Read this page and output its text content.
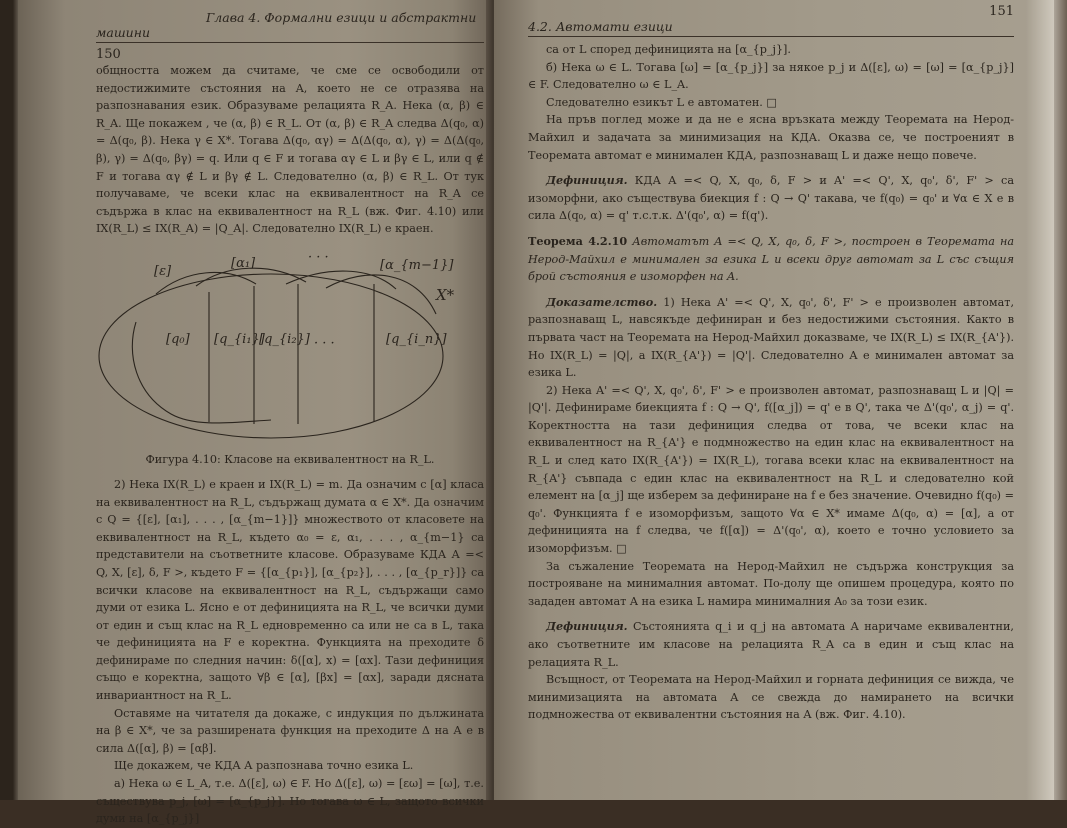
Глава 4. Формални езици и абстрактни машини
150

общността можем да считаме, че сме се освободили от недостижимите състояния на A, което не се отразява на разпознавания език. Образуваме релацията R_A. Нека (α, β) ∈ R_A. Ще покажем , че (α, β) ∈ R_L. От (α, β) ∈ R_A следва Δ(q₀, α) = Δ(q₀, β). Нека γ ∈ X*. Тогава Δ(q₀, αγ) = Δ(Δ(q₀, α), γ) = Δ(Δ(q₀, β), γ) = Δ(q₀, βγ) = q. Или q ∈ F и тогава αγ ∈ L и βγ ∈ L, или q ∉ F и тогава αγ ∉ L и βγ ∉ L. Следователно (α, β) ∈ R_L. От тук получаваме, че всеки клас на еквивалентност на R_A се съдържа в клас на еквивалентност на R_L (вж. Фиг. 4.10) или IX(R_L) ≤ IX(R_A) = |Q_A|. Следователно IX(R_L) е краен.

[ε]
[α₁]	· · ·
[α_{m−1}]
X*
[q₀] [q_{i₁}]
[q_{i₂}] · · ·	[q_{i_n}]
Фигура 4.10: Класове на еквивалентност на R_L.

2) Нека IX(R_L) е краен и IX(R_L) = m. Да означим с [α] класа на еквивалентност на R_L, съдържащ думата α ∈ X*. Да означим с Q = {[ε], [α₁], . . . , [α_{m−1}]} множеството от класовете на еквивалентност на R_L, където α₀ = ε, α₁, . . . , α_{m−1} са представители на съответните класове. Образуваме КДА A =< Q, X, [ε], δ, F >, където F = {[α_{p₁}], [α_{p₂}], . . . , [α_{p_r}]} са всички класове на еквивалентност на R_L, съдържащи само думи от езика L. Ясно е от дефиницията на R_L, че всички думи от един и същ клас на R_L едновременно са или не са в L, така че дефиницията на F е коректна. Функцията на преходите δ дефинираме по следния начин: δ([α], x) = [αx]. Тази дефиниция също е коректна, защото ∀β ∈ [α], [βx] = [αx], заради дясната инвариантност на R_L.

Оставяме на читателя да докаже, с индукция по дължината на β ∈ X*, че за разширената функция на преходите Δ на A е в сила Δ([α], β) = [αβ].

Ще докажем, че КДА A разпознава точно езика L.

а) Нека ω ∈ L_A, т.е. Δ([ε], ω) ∈ F. Но Δ([ε], ω) = [εω] = [ω], т.е. съществува p_j, [ω] = [α_{p_j}]. Но тогава ω ∈ L, защото всички думи на [α_{p_j}]

151
4.2. Автомати езици

са от L според дефиницията на [α_{p_j}].

б) Нека ω ∈ L. Тогава [ω] = [α_{p_j}] за някое p_j и Δ([ε], ω) = [ω] = [α_{p_j}] ∈ F. Следователно ω ∈ L_A.

Следователно езикът L е автоматен. □

На пръв поглед може и да не е ясна връзката между Теоремата на Нерод-Майхил и задачата за минимизация на КДА. Оказва се, че построеният в Теоремата автомат е минимален КДА, разпознаващ L и даже нещо повече.

Дефиниция. КДА A =< Q, X, q₀, δ, F > и A' =< Q', X, q₀', δ', F' > са изоморфни, ако съществува биекция f : Q → Q' такава, че f(q₀) = q₀' и ∀α ∈ X е в сила Δ(q₀, α) = q' т.с.т.к. Δ'(q₀', α) = f(q').

Теорема 4.2.10 Автоматът A =< Q, X, q₀, δ, F >, построен в Теоремата на Нерод-Майхил е минимален за езика L и всеки друг автомат за L със същия брой състояния е изоморфен на A.

Доказателство. 1) Нека A' =< Q', X, q₀', δ', F' > е произволен автомат, разпознаващ L, навсякъде дефиниран и без недостижими състояния. Както в първата част на Теоремата на Нерод-Майхил доказваме, че IX(R_L) ≤ IX(R_{A'}). Но IX(R_L) = |Q|, а IX(R_{A'}) = |Q'|. Следователно A е минимален автомат за езика L.

2) Нека A' =< Q', X, q₀', δ', F' > е произволен автомат, разпознаващ L и |Q| = |Q'|. Дефинираме биекцията f : Q → Q', f([α_j]) = q' е в Q', така че Δ'(q₀', α_j) = q'. Коректността на тази дефиниция следва от това, че всеки клас на еквивалентност на R_{A'} е подмножество на един клас на еквивалентност на R_L и след като IX(R_{A'}) = IX(R_L), тогава всеки клас на еквивалентност на R_{A'} съвпада с един клас на еквивалентност на R_L и следователно кой елемент на [α_j] ще изберем за дефиниране на f е без значение. Очевидно f(q₀) = q₀'. Функцията f е изоморфизъм, защото ∀α ∈ X* имаме Δ(q₀, α) = [α], а от дефиницията на f следва, че f([α]) = Δ'(q₀', α), което е точно условието за изоморфизъм. □

За съжаление Теоремата на Нерод-Майхил не съдържа конструкция за построяване на минималния автомат. По-долу ще опишем процедура, която по зададен автомат A на езика L намира минималния A₀ за този език.

Дефиниция. Състоянията q_i и q_j на автомата A наричаме еквивалентни, ако съответните им класове на релацията R_A са в един и същ клас на релацията R_L.

Всъщност, от Теоремата на Нерод-Майхил и горната дефиниция се вижда, че минимизацията на автомата A се свежда до намирането на всички подмножества от еквивалентни състояния на A (вж. Фиг. 4.10).
